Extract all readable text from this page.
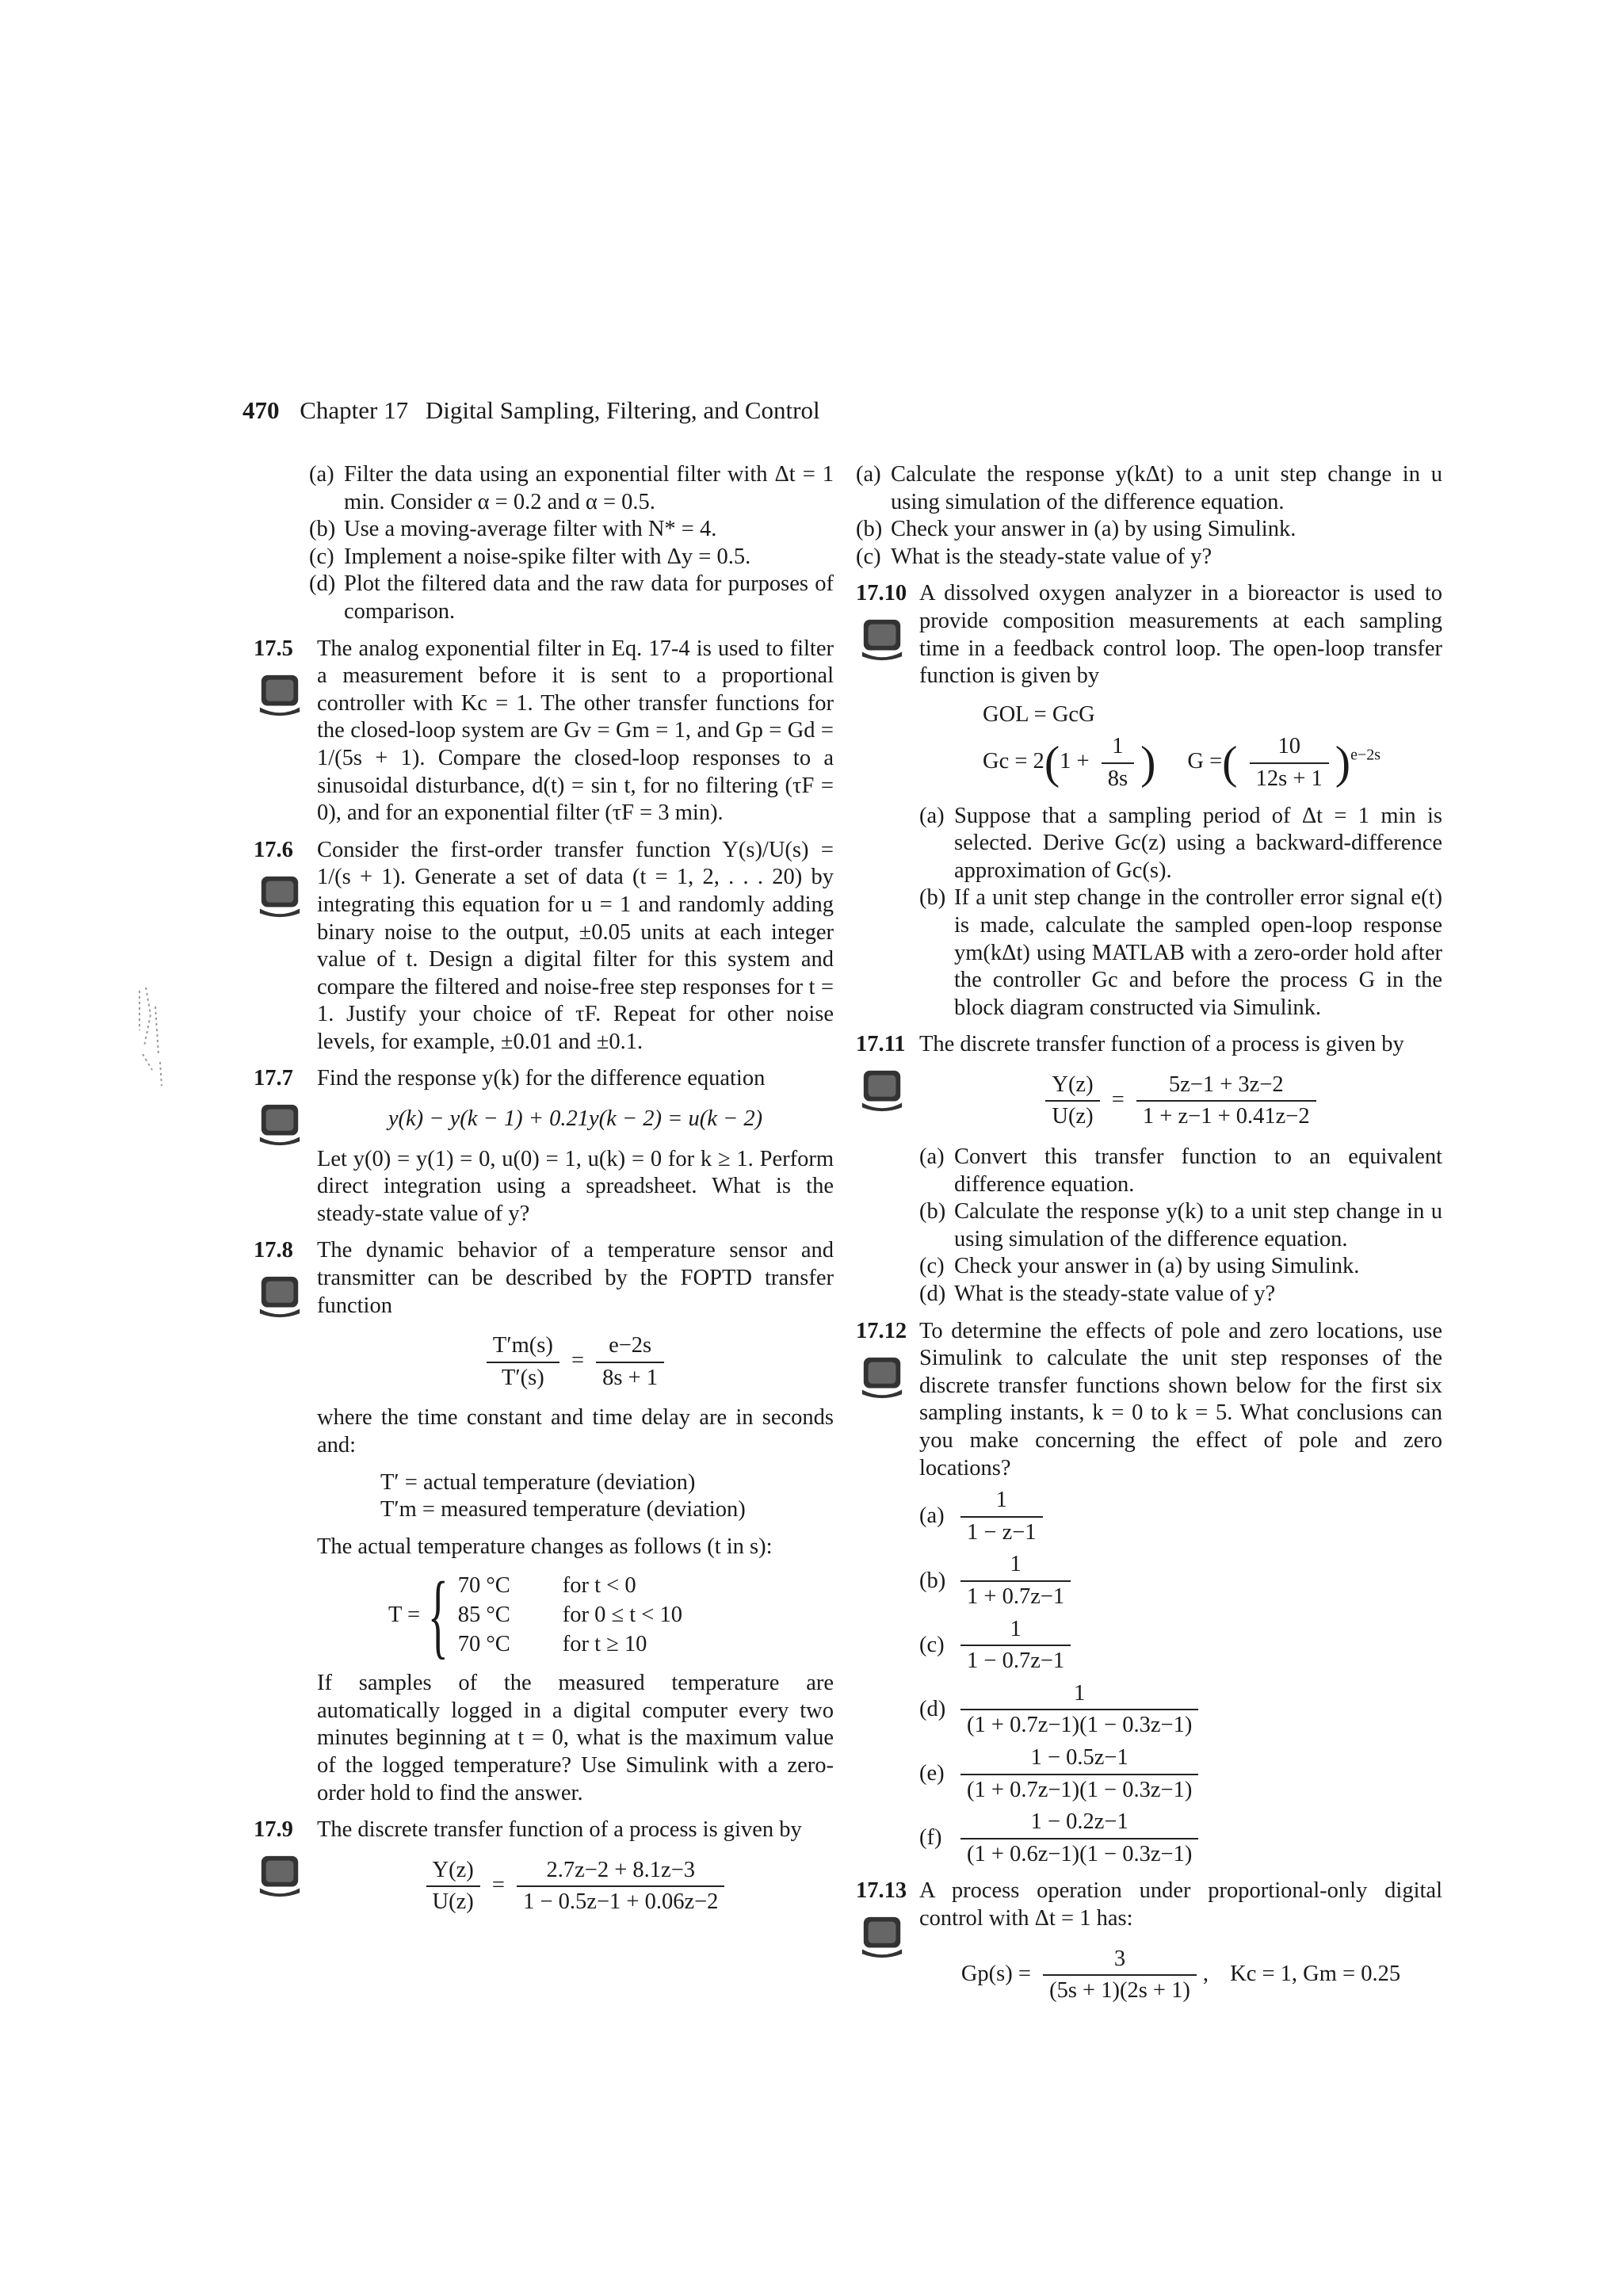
470 Chapter 17 Digital Sampling, Filtering, and Control
(a) Filter the data using an exponential filter with Δt = 1 min. Consider α = 0.2 and α = 0.5.
(b) Use a moving-average filter with N* = 4.
(c) Implement a noise-spike filter with Δy = 0.5.
(d) Plot the filtered data and the raw data for purposes of comparison.
17.5 The analog exponential filter in Eq. 17-4 is used to filter a measurement before it is sent to a proportional controller with Kc = 1. The other transfer functions for the closed-loop system are Gv = Gm = 1, and Gp = Gd = 1/(5s + 1). Compare the closed-loop responses to a sinusoidal disturbance, d(t) = sin t, for no filtering (τF = 0), and for an exponential filter (τF = 3 min).
17.6 Consider the first-order transfer function Y(s)/U(s) = 1/(s + 1). Generate a set of data (t = 1, 2, . . . 20) by integrating this equation for u = 1 and randomly adding binary noise to the output, ±0.05 units at each integer value of t. Design a digital filter for this system and compare the filtered and noise-free step responses for t = 1. Justify your choice of τF. Repeat for other noise levels, for example, ±0.01 and ±0.1.
17.7 Find the response y(k) for the difference equation
y(k) − y(k − 1) + 0.21y(k − 2) = u(k − 2)
Let y(0) = y(1) = 0, u(0) = 1, u(k) = 0 for k ≥ 1. Perform direct integration using a spreadsheet. What is the steady-state value of y?
17.8 The dynamic behavior of a temperature sensor and transmitter can be described by the FOPTD transfer function
$\frac{T'm(s)}{T'(s)} = \frac{e-2s}{8s + 1}$
where the time constant and time delay are in seconds and:
T′ = actual temperature (deviation)
T′m = measured temperature (deviation)
The actual temperature changes as follows (t in s):
T = { 70 °C	for t < 0
85 °C	for 0 ≤ t < 10
70 °C	for t ≥ 10
If samples of the measured temperature are automatically logged in a digital computer every two minutes beginning at t = 0, what is the maximum value of the logged temperature? Use Simulink with a zero-order hold to find the answer.
17.9 The discrete transfer function of a process is given by
$\frac{Y(z)}{U(z)} = \frac{2.7z-2 + 8.1z-3}{1 - 0.5z-1 + 0.06z-2}$
(a) Calculate the response y(kΔt) to a unit step change in u using simulation of the difference equation.
(b) Check your answer in (a) by using Simulink.
(c) What is the steady-state value of y?
17.10 A dissolved oxygen analyzer in a bioreactor is used to provide composition measurements at each sampling time in a feedback control loop. The open-loop transfer function is given by
GOL = GcG
$Gc = 2(1 + \frac{1}{8s}$ ) G =( $\frac{10}{12s + 1} )^{e-2s}$
(a) Suppose that a sampling period of Δt = 1 min is selected. Derive Gc(z) using a backward-difference approximation of Gc(s).
(b) If a unit step change in the controller error signal e(t) is made, calculate the sampled open-loop response ym(kΔt) using MATLAB with a zero-order hold after the controller Gc and before the process G in the block diagram constructed via Simulink.
17.11 The discrete transfer function of a process is given by
$\frac{Y(z)}{U(z)} = \frac{5z-1 + 3z-2}{1 + z-1 + 0.41z-2}$
(a) Convert this transfer function to an equivalent difference equation.
(b) Calculate the response y(k) to a unit step change in u using simulation of the difference equation.
(c) Check your answer in (a) by using Simulink.
(d) What is the steady-state value of y?
17.12 To determine the effects of pole and zero locations, use Simulink to calculate the unit step responses of the discrete transfer functions shown below for the first six sampling instants, k = 0 to k = 5. What conclusions can you make concerning the effect of pole and zero locations?
$(a) \frac{1}{1 - z-1}$
$(b) \frac{1}{1 + 0.7z-1}$
$(c) \frac{1}{1 - 0.7z-1}$
$(d) \frac{1}{(1 + 0.7z-1)(1 - 0.3z-1)}$
$(e) \frac{1 - 0.5z-1}{(1 + 0.7z-1)(1 - 0.3z-1)}$
$(f) \frac{1 - 0.2z-1}{(1 + 0.6z-1)(1 - 0.3z-1)}$
17.13 A process operation under proportional-only digital control with Δt = 1 has:
$Gp(s) = \frac{3}{(5s + 1)(2s + 1)}$ , Kc = 1, Gm = 0.25
